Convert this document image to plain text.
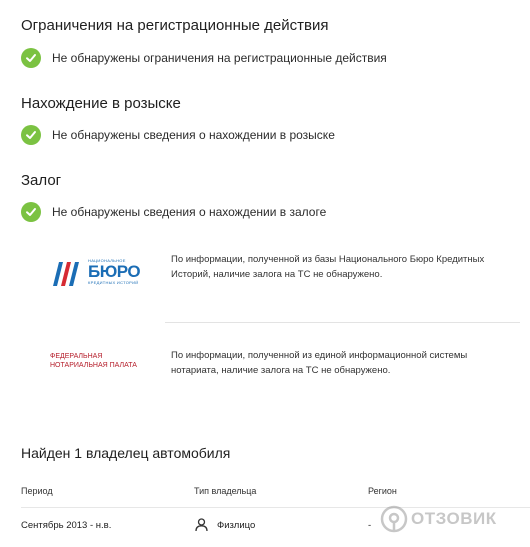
Ограничения на регистрационные действия
Не обнаружены ограничения на регистрационные действия
Нахождение в розыске
Не обнаружены сведения о нахождении в розыске
Залог
Не обнаружены сведения о нахождении в залоге
НАЦИОНАЛЬНОЕ
БЮРО
КРЕДИТНЫХ ИСТОРИЙ
По информации, полученной из базы Национального Бюро Кредитных Историй, наличие залога на ТС не обнаружено.
ФЕДЕРАЛЬНАЯ
НОТАРИАЛЬНАЯ ПАЛАТА
По информации, полученной из единой информационной системы нотариата, наличие залога на ТС не обнаружено.
Найден 1 владелец автомобиля
Период	Тип владельца	Регион
Сентябрь 2013 - н.в.	Физлицо	- ОТЗОВИК
